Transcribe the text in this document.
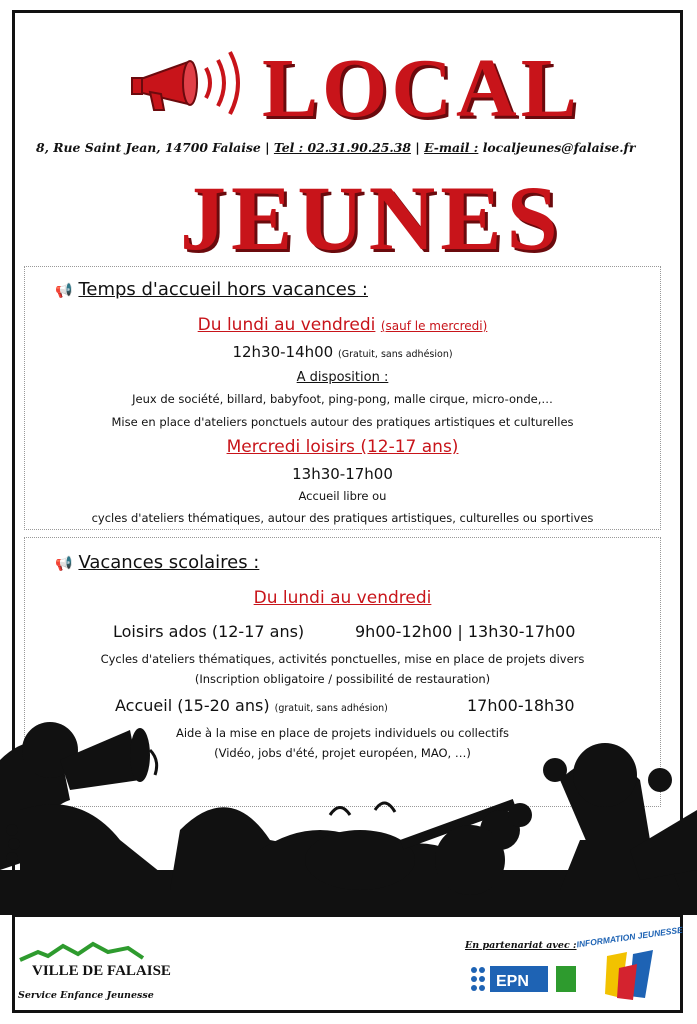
LOCAL
8, Rue Saint Jean, 14700 Falaise | Tel : 02.31.90.25.38 | E-mail : localjeunes@falaise.fr
JEUNES
📢 Temps d'accueil hors vacances :
Du lundi au vendredi (sauf le mercredi)
12h30-14h00 (Gratuit, sans adhésion)
A disposition :
Jeux de société, billard, babyfoot, ping-pong, malle cirque, micro-onde,…
Mise en place d'ateliers ponctuels autour des pratiques artistiques et culturelles
Mercredi loisirs (12-17 ans)
13h30-17h00
Accueil libre ou
cycles d'ateliers thématiques, autour des pratiques artistiques, culturelles ou sportives
📢 Vacances scolaires :
Du lundi au vendredi
Loisirs ados (12-17 ans)	9h00-12h00 | 13h30-17h00
Cycles d'ateliers thématiques, activités ponctuelles, mise en place de projets divers
(Inscription obligatoire / possibilité de restauration)
Accueil (15-20 ans) (gratuit, sans adhésion)	17h00-18h30
Aide à la mise en place de projets individuels ou collectifs
(Vidéo, jobs d'été, projet européen, MAO, …)
VILLE DE FALAISE
Service Enfance Jeunesse
En partenariat avec :
EPN
INFORMATION JEUNESSE
